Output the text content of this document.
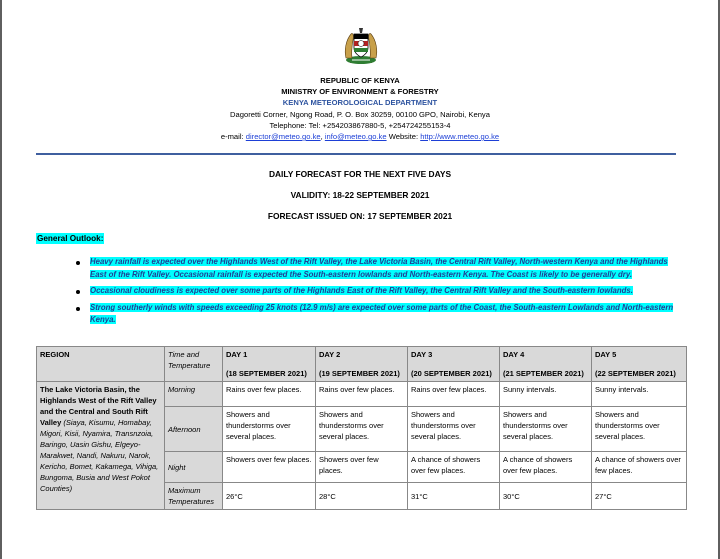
REPUBLIC OF KENYA
MINISTRY OF ENVIRONMENT & FORESTRY
KENYA METEOROLOGICAL DEPARTMENT
Dagoretti Corner, Ngong Road, P. O. Box 30259, 00100 GPO, Nairobi, Kenya
Telephone: Tel: +254203867880-5, +254724255153-4
e-mail: director@meteo.go.ke, info@meteo.go.ke Website: http://www.meteo.go.ke
DAILY FORECAST FOR THE NEXT FIVE DAYS
VALIDITY: 18-22 SEPTEMBER 2021
FORECAST ISSUED ON: 17 SEPTEMBER 2021
General Outlook:
Heavy rainfall is expected over the Highlands West of the Rift Valley, the Lake Victoria Basin, the Central Rift Valley, North-western Kenya and the Highlands East of the Rift Valley. Occasional rainfall is expected the South-eastern lowlands and North-eastern Kenya. The Coast is likely to be generally dry.
Occasional cloudiness is expected over some parts of the Highlands East of the Rift Valley, the Central Rift Valley and the South-eastern lowlands.
Strong southerly winds with speeds exceeding 25 knots (12.9 m/s) are expected over some parts of the Coast, the South-eastern Lowlands and North-eastern Kenya.
REGION	Time and Temperature	DAY 1	DAY 2	DAY 3	DAY 4	DAY 5
		(18 SEPTEMBER 2021)	(19 SEPTEMBER 2021)	(20 SEPTEMBER 2021)	(21 SEPTEMBER 2021)	(22 SEPTEMBER 2021)
The Lake Victoria Basin, the Highlands West of the Rift Valley and the Central and South Rift Valley (Siaya, Kisumu, Homabay, Migori, Kisii, Nyamira, Transnzoia, Baringo, Uasin Gishu, Elgeyo-Marakwet, Nandi, Nakuru, Narok, Kericho, Bomet, Kakamega, Vihiga, Bungoma, Busia and West Pokot Counties)	Morning	Rains over few places.	Rains over few places.	Rains over few places.	Sunny intervals.	Sunny intervals.
	Afternoon	Showers and thunderstorms over several places.	Showers and thunderstorms over several places.	Showers and thunderstorms over several places.	Showers and thunderstorms over several places.	Showers and thunderstorms over several places.
	Night	Showers over few places.	Showers over few places.	A chance of showers over few places.	A chance of showers over few places.	A chance of showers over few places.
	Maximum Temperatures	26°C	28°C	31°C	30°C	27°C
